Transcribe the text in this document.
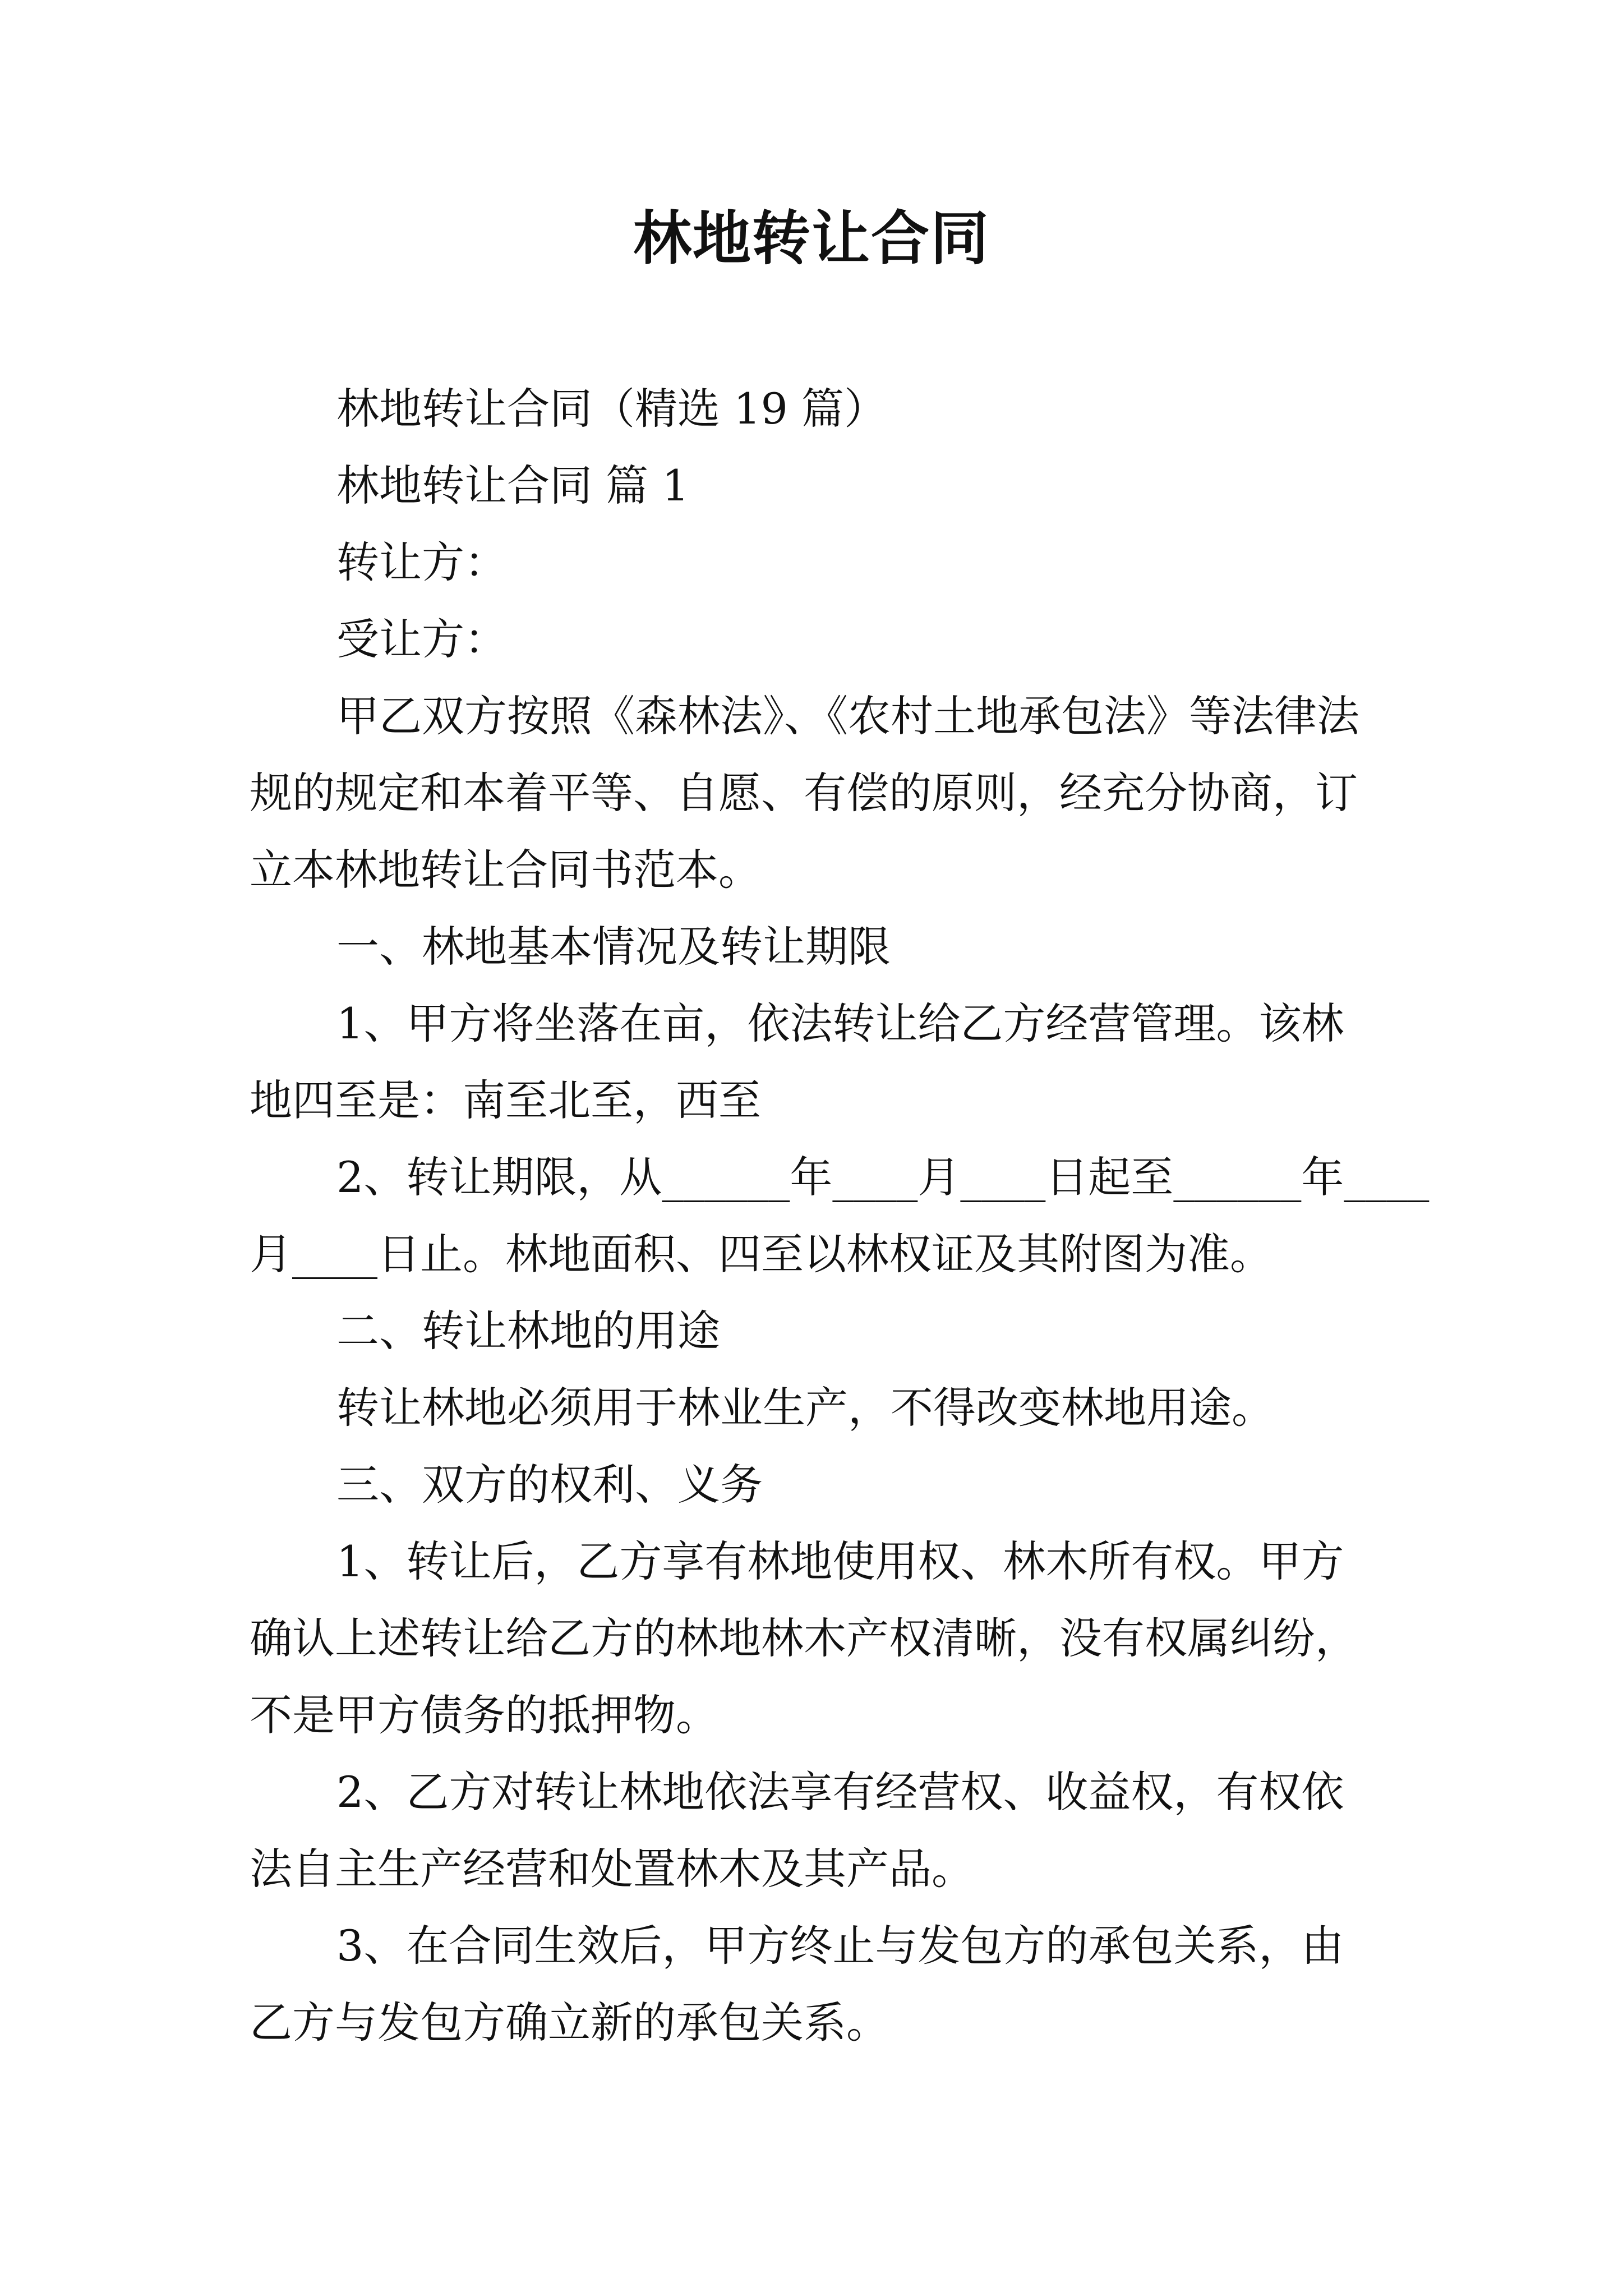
林地转让合同

林地转让合同（精选 19 篇）

林地转让合同 篇 1

转让方：

受让方：

甲乙双方按照《森林法》、《农村土地承包法》等法律法

规的规定和本着平等、自愿、有偿的原则，经充分协商，订

立本林地转让合同书范本。

一、林地基本情况及转让期限

1、甲方将坐落在亩，依法转让给乙方经营管理。该林

地四至是：南至北至，西至

2、转让期限，从______年____月____日起至______年____

月____日止。林地面积、四至以林权证及其附图为准。

二、转让林地的用途

转让林地必须用于林业生产，不得改变林地用途。

三、双方的权利、义务

1、转让后，乙方享有林地使用权、林木所有权。甲方

确认上述转让给乙方的林地林木产权清晰，没有权属纠纷，

不是甲方债务的抵押物。

2、乙方对转让林地依法享有经营权、收益权，有权依

法自主生产经营和处置林木及其产品。

3、在合同生效后，甲方终止与发包方的承包关系，由

乙方与发包方确立新的承包关系。
